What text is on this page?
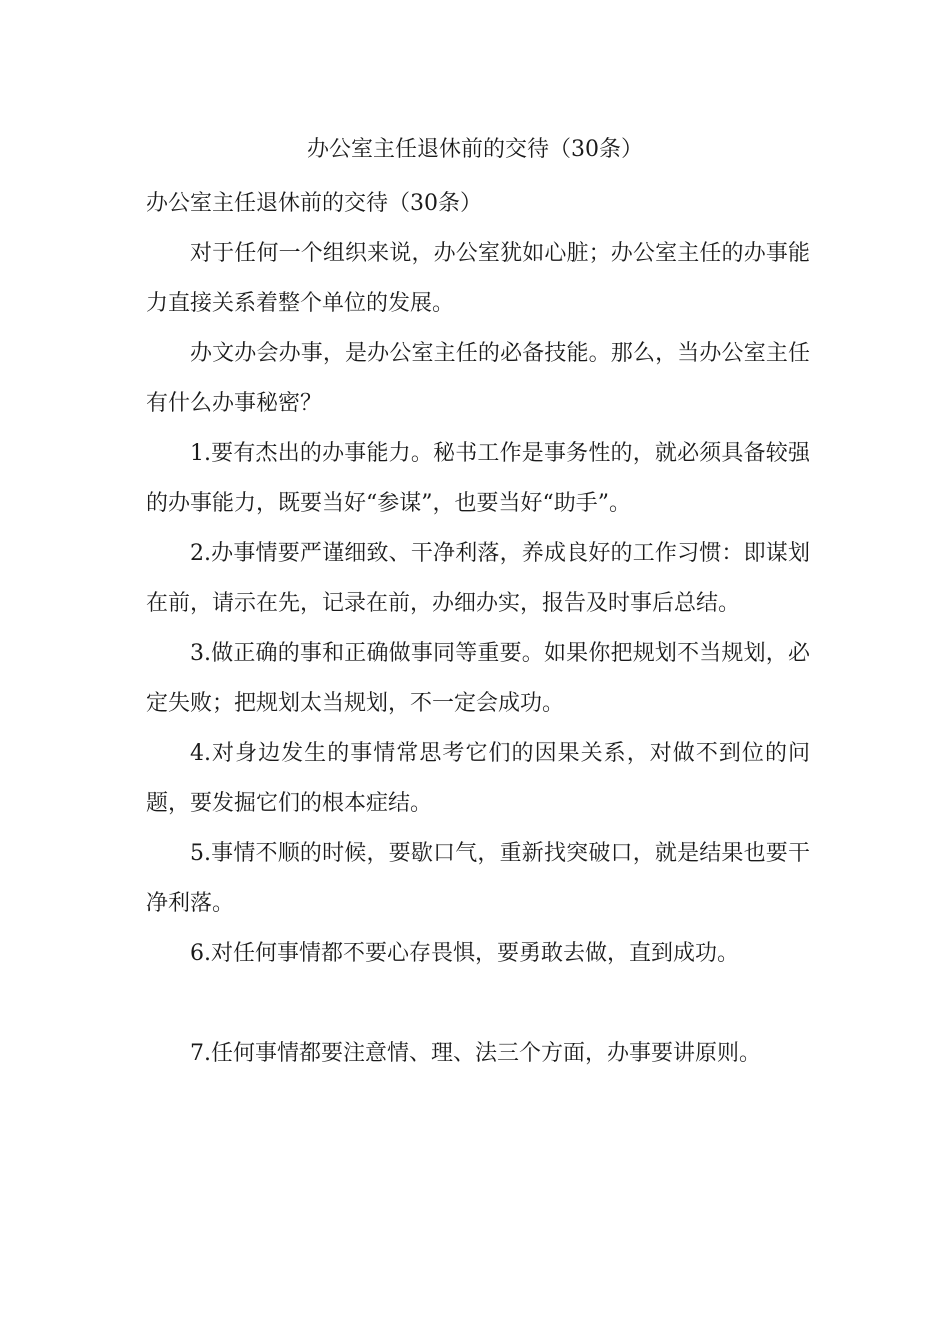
办公室主任退休前的交待（30条）

办公室主任退休前的交待（30条）

对于任何一个组织来说，办公室犹如心脏；办公室主任的办事能力直接关系着整个单位的发展。

办文办会办事，是办公室主任的必备技能。那么，当办公室主任有什么办事秘密？

1.要有杰出的办事能力。秘书工作是事务性的，就必须具备较强的办事能力，既要当好“参谋”，也要当好“助手”。

2.办事情要严谨细致、干净利落，养成良好的工作习惯：即谋划在前，请示在先，记录在前，办细办实，报告及时事后总结。

3.做正确的事和正确做事同等重要。如果你把规划不当规划，必定失败；把规划太当规划，不一定会成功。

4.对身边发生的事情常思考它们的因果关系，对做不到位的问题，要发掘它们的根本症结。

5.事情不顺的时候，要歇口气，重新找突破口，就是结果也要干净利落。

6.对任何事情都不要心存畏惧，要勇敢去做，直到成功。

7.任何事情都要注意情、理、法三个方面，办事要讲原则。
